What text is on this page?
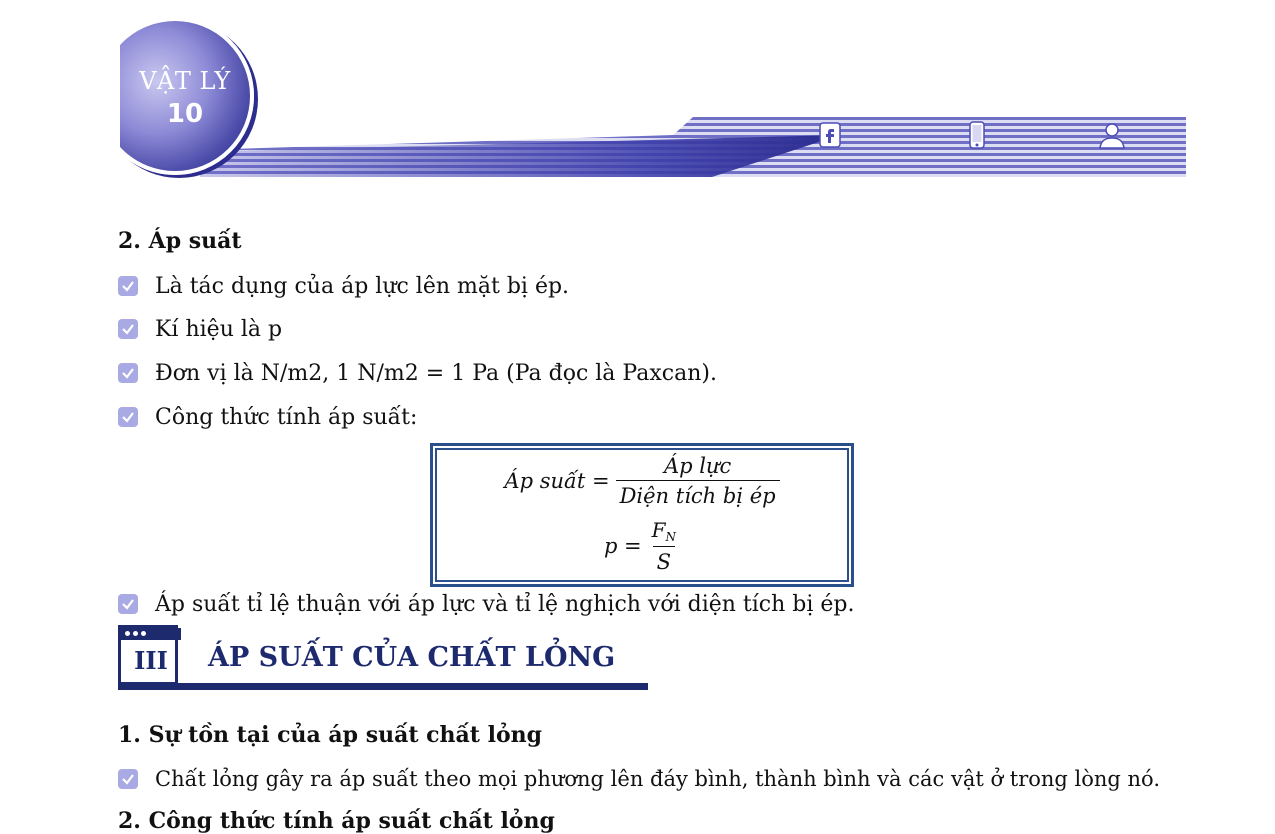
VẬT LÝ
10
2. Áp suất
Là tác dụng của áp lực lên mặt bị ép.
Kí hiệu là p
Đơn vị là N/m2, 1 N/m2 = 1 Pa (Pa đọc là Paxcan).
Công thức tính áp suất:
Áp suất = $\frac{\text{Áp lực}}{\text{Diện tích bị ép}}$
$p = \frac{F_N}{S}$
Áp suất tỉ lệ thuận với áp lực và tỉ lệ nghịch với diện tích bị ép.
III	ÁP SUẤT CỦA CHẤT LỎNG
1. Sự tồn tại của áp suất chất lỏng
Chất lỏng gây ra áp suất theo mọi phương lên đáy bình, thành bình và các vật ở trong lòng nó.
2. Công thức tính áp suất chất lỏng
